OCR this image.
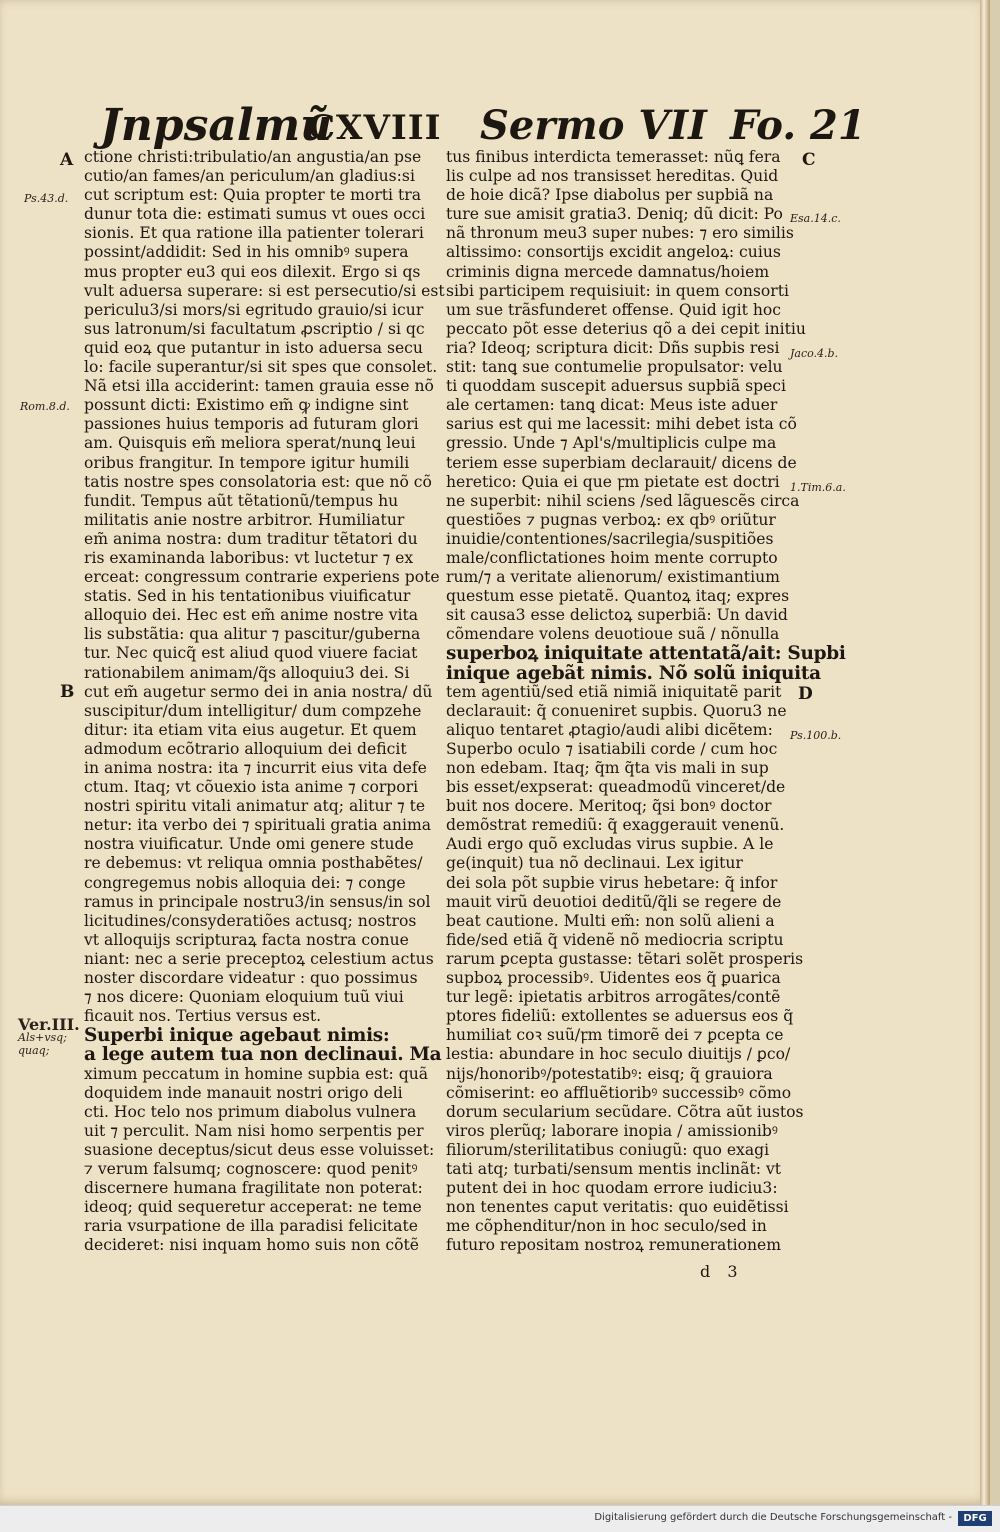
Jnpsalmũ
CXVIII Sermo VII Fo. 21
A
B
C
D
Ps.43.d.
Rom.8.d.
Esa.14.c.
Jaco.4.b.
1.Tim.6.a.
Ps.100.b.
Ver.III.
Als+vsq;
quaq;
ctione christi:tribulatio/an angustia/an pse
cutio/an fames/an periculum/an gladius:si
cut scriptum est: Quia propter te morti tra
dunur tota die: estimati sumus vt oues occi
sionis. Et qua ratione illa patienter tolerari
possint/addidit: Sed in his omnibꝰ supera
mus propter eu3 qui eos dilexit. Ergo si qs
vult aduersa superare: si est persecutio/si est
periculu3/si mors/si egritudo grauio/si icur
sus latronum/si facultatum ꝓscriptio / si qc
quid eoꝝ que putantur in isto aduersa secu
lo: facile superantur/si sit spes que consolet.
Nã etsi illa acciderint: tamen grauia esse nõ
possunt dicti: Existimo em̃ ꝙ indigne sint
passiones huius temporis ad futuram glori
am. Quisquis em̃ meliora sperat/nunꝗ leui
oribus frangitur. In tempore igitur humili
tatis nostre spes consolatoria est: que nõ cõ
fundit. Tempus aũt tẽtationũ/tempus hu
militatis anie nostre arbitror. Humiliatur
em̃ anima nostra: dum traditur tẽtatori du
ris examinanda laboribus: vt luctetur ⁊ ex
erceat: congressum contrarie experiens pote
statis. Sed in his tentationibus viuificatur
alloquio dei. Hec est em̃ anime nostre vita
lis substãtia: qua alitur ⁊ pascitur/guberna
tur. Nec quicq̃ est aliud quod viuere faciat
rationabilem animam/q̃s alloquiu3 dei. Si
cut em̃ augetur sermo dei in ania nostra/ dũ
suscipitur/dum intelligitur/ dum compzehe
ditur: ita etiam vita eius augetur. Et quem
admodum ecõtrario alloquium dei deficit
in anima nostra: ita ⁊ incurrit eius vita defe
ctum. Itaq; vt cõuexio ista anime ⁊ corpori
nostri spiritu vitali animatur atq; alitur ⁊ te
netur: ita verbo dei ⁊ spirituali gratia anima
nostra viuificatur. Unde omi genere stude
re debemus: vt reliqua omnia posthabẽtes/
congregemus nobis alloquia dei: ⁊ conge
ramus in principale nostru3/in sensus/in sol
licitudines/consyderatiões actusq; nostros
vt alloquijs scripturaꝝ facta nostra conue
niant: nec a serie preceptoꝝ celestium actus
noster discordare videatur : quo possimus
⁊ nos dicere: Quoniam eloquium tuũ viui
ficauit nos. Tertius versus est.
Superbi inique agebaut nimis:
a lege autem tua non declinaui. Ma
ximum peccatum in homine supbia est: quã
doquidem inde manauit nostri origo deli
cti. Hoc telo nos primum diabolus vulnera
uit ⁊ perculit. Nam nisi homo serpentis per
suasione deceptus/sicut deus esse voluisset:
⁊ verum falsumq; cognoscere: quod penitꝰ
discernere humana fragilitate non poterat:
ideoq; quid sequeretur acceperat: ne teme
raria vsurpatione de illa paradisi felicitate
decideret: nisi inquam homo suis non cõtẽ
tus finibus interdicta temerasset: nũꝗ fera
lis culpe ad nos transisset hereditas. Quid
de hoie dicã? Ipse diabolus per supbiã na
ture sue amisit gratia3. Deniq; dũ dicit: Po
nã thronum meu3 super nubes: ⁊ ero similis
altissimo: consortijs excidit angeloꝝ: cuius
criminis digna mercede damnatus/hoiem
sibi participem requisiuit: in quem consorti
um sue trãsfunderet offense. Quid igit hoc
peccato põt esse deterius qõ a dei cepit initiu
ria? Ideoq; scriptura dicit: Dñs supbis resi
stit: tanꝗ sue contumelie propulsator: velu
ti quoddam suscepit aduersus supbiã speci
ale certamen: tanꝗ dicat: Meus iste aduer
sarius est qui me lacessit: mihi debet ista cõ
gressio. Unde ⁊ Apl's/multiplicis culpe ma
teriem esse superbiam declarauit/ dicens de
heretico: Quia ei que ꝼm pietate est doctri
ne superbit: nihil sciens /sed lãguescẽs circa
questiões ⁊ pugnas verboꝝ: ex qbꝰ oriũtur
inuidie/contentiones/sacrilegia/suspitiões
male/conflictationes hoim mente corrupto
rum/⁊ a veritate alienorum/ existimantium
questum esse pietatẽ. Quantoꝝ itaq; expres
sit causa3 esse delictoꝝ superbiã: Un david
cõmendare volens deuotioue suã / nõnulla
superboꝝ iniquitate attentatã/ait: Supbi
inique agebãt nimis. Nõ solũ iniquita
tem agentiũ/sed etiã nimiã iniquitatẽ parit
declarauit: q̃ conueniret supbis. Quoru3 ne
aliquo tentaret ꝓtagio/audi alibi dicẽtem:
Superbo oculo ⁊ isatiabili corde / cum hoc
non edebam. Itaq; q̃m q̃ta vis mali in sup
bis esset/expserat: queadmodũ vinceret/de
buit nos docere. Meritoq; q̃si bonꝰ doctor
demõstrat remediũ: q̃ exaggerauit venenũ.
Audi ergo quõ excludas virus supbie. A le
ge(inquit) tua nõ declinaui. Lex igitur
dei sola põt supbie virus hebetare: q̃ infor
mauit virũ deuotioi deditũ/q̃li se regere de
beat cautione. Multi em̃: non solũ alieni a
fide/sed etiã q̃ videnẽ nõ mediocria scriptu
rarum ꝑcepta gustasse: tẽtari solẽt prosperis
supboꝝ processibꝰ. Uidentes eos q̃ ꝑuarica
tur legẽ: ipietatis arbitros arrogãtes/contẽ
ptores fideliũ: extollentes se aduersus eos q̃
humiliat coꝛ suũ/ꝼm timorẽ dei ⁊ ꝑcepta ce
lestia: abundare in hoc seculo diuitijs / ꝑco/
nijs/honoribꝰ/potestatibꝰ: eisq; q̃ grauiora
cõmiserint: eo affluẽtioribꝰ successibꝰ cõmo
dorum secularium secũdare. Cõtra aũt iustos
viros plerũq; laborare inopia / amissionibꝰ
filiorum/sterilitatibus coniugũ: quo exagi
tati atq; turbati/sensum mentis inclinãt: vt
putent dei in hoc quodam errore iudiciu3:
non tenentes caput veritatis: quo euidẽtissi
me cõphenditur/non in hoc seculo/sed in
futuro repositam nostroꝝ remunerationem
d 3
Digitalisierung gefördert durch die Deutsche Forschungsgemeinschaft -	DFG
